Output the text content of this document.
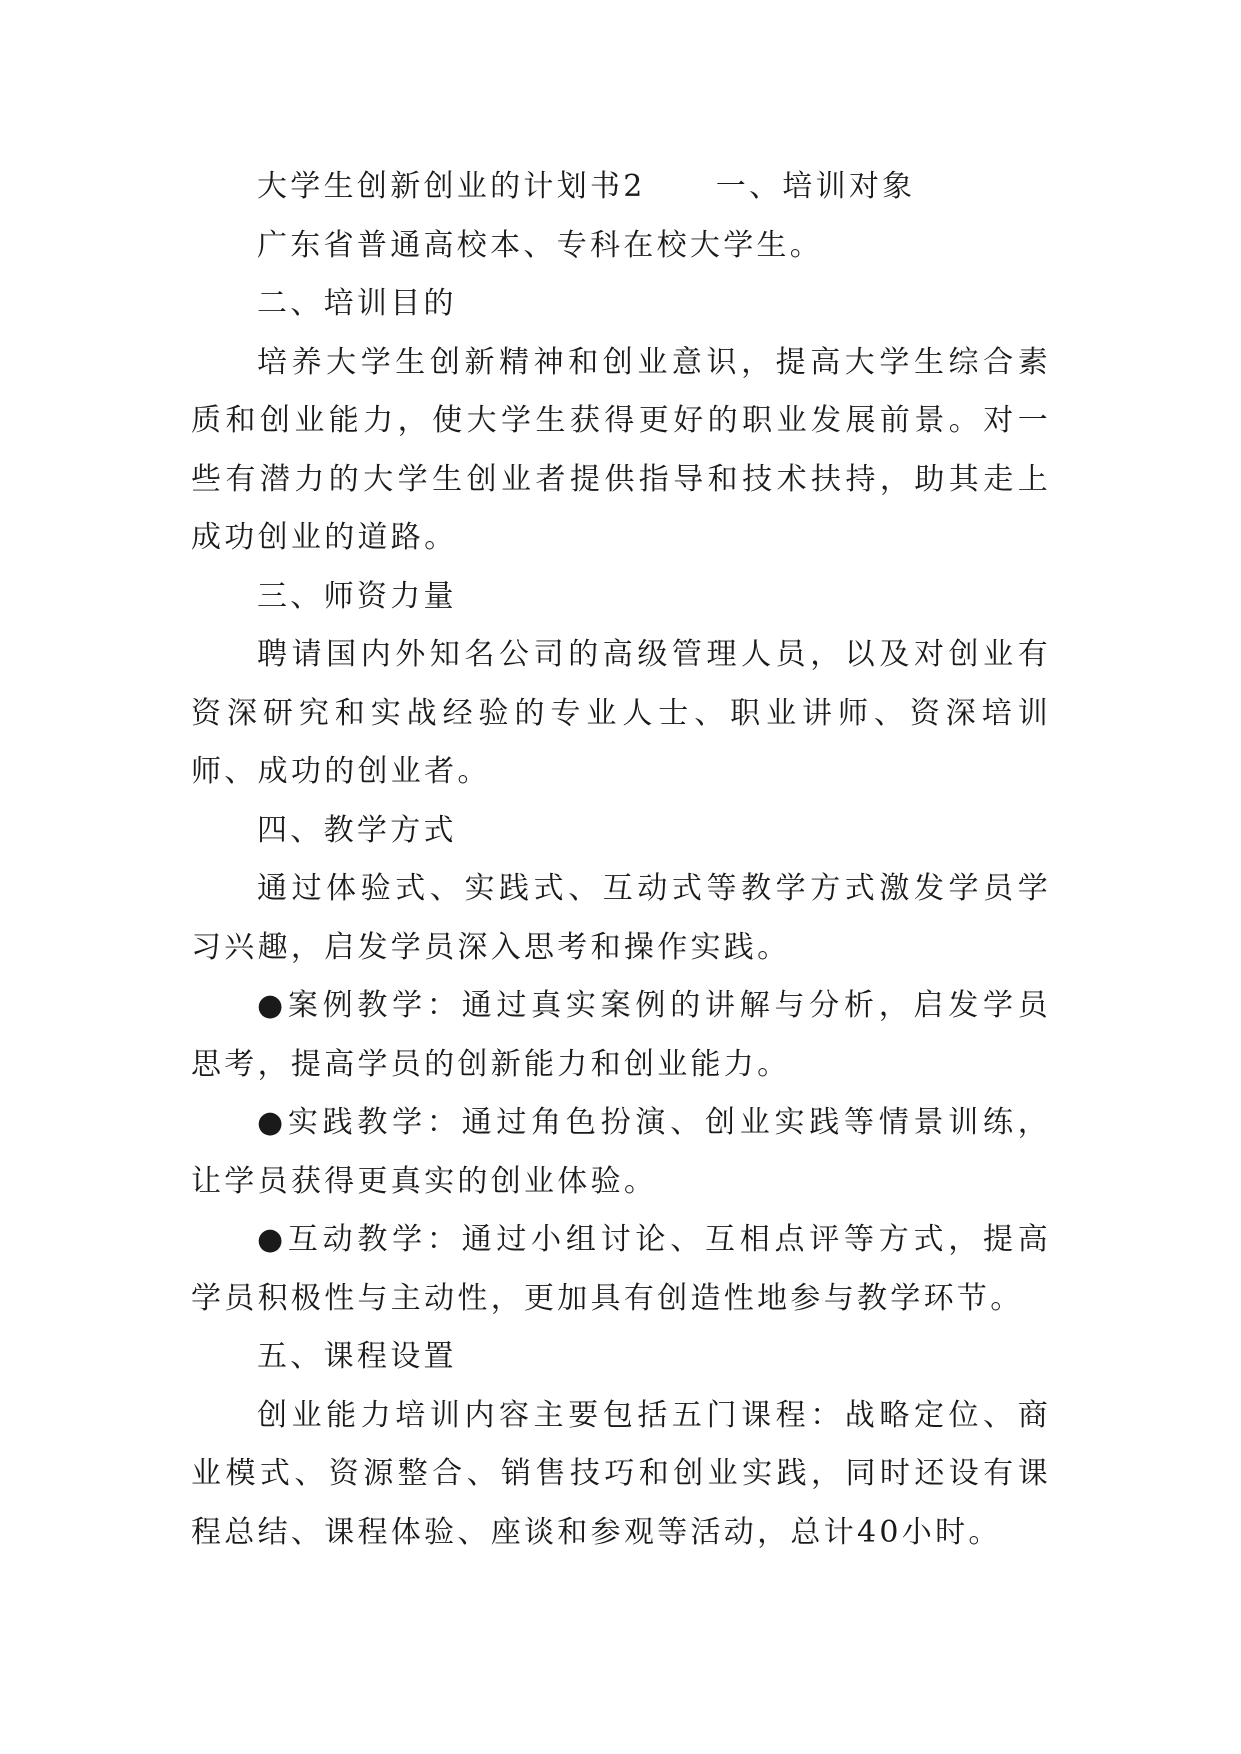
大学生创新创业的计划书2 一、培训对象

广东省普通高校本、专科在校大学生。

二、培训目的

培养大学生创新精神和创业意识，提高大学生综合素质和创业能力，使大学生获得更好的职业发展前景。对一些有潜力的大学生创业者提供指导和技术扶持，助其走上成功创业的道路。

三、师资力量

聘请国内外知名公司的高级管理人员，以及对创业有资深研究和实战经验的专业人士、职业讲师、资深培训师、成功的创业者。

四、教学方式

通过体验式、实践式、互动式等教学方式激发学员学习兴趣，启发学员深入思考和操作实践。

●案例教学：通过真实案例的讲解与分析，启发学员思考，提高学员的创新能力和创业能力。

●实践教学：通过角色扮演、创业实践等情景训练，让学员获得更真实的创业体验。

●互动教学：通过小组讨论、互相点评等方式，提高学员积极性与主动性，更加具有创造性地参与教学环节。

五、课程设置

创业能力培训内容主要包括五门课程：战略定位、商业模式、资源整合、销售技巧和创业实践，同时还设有课程总结、课程体验、座谈和参观等活动，总计40小时。
